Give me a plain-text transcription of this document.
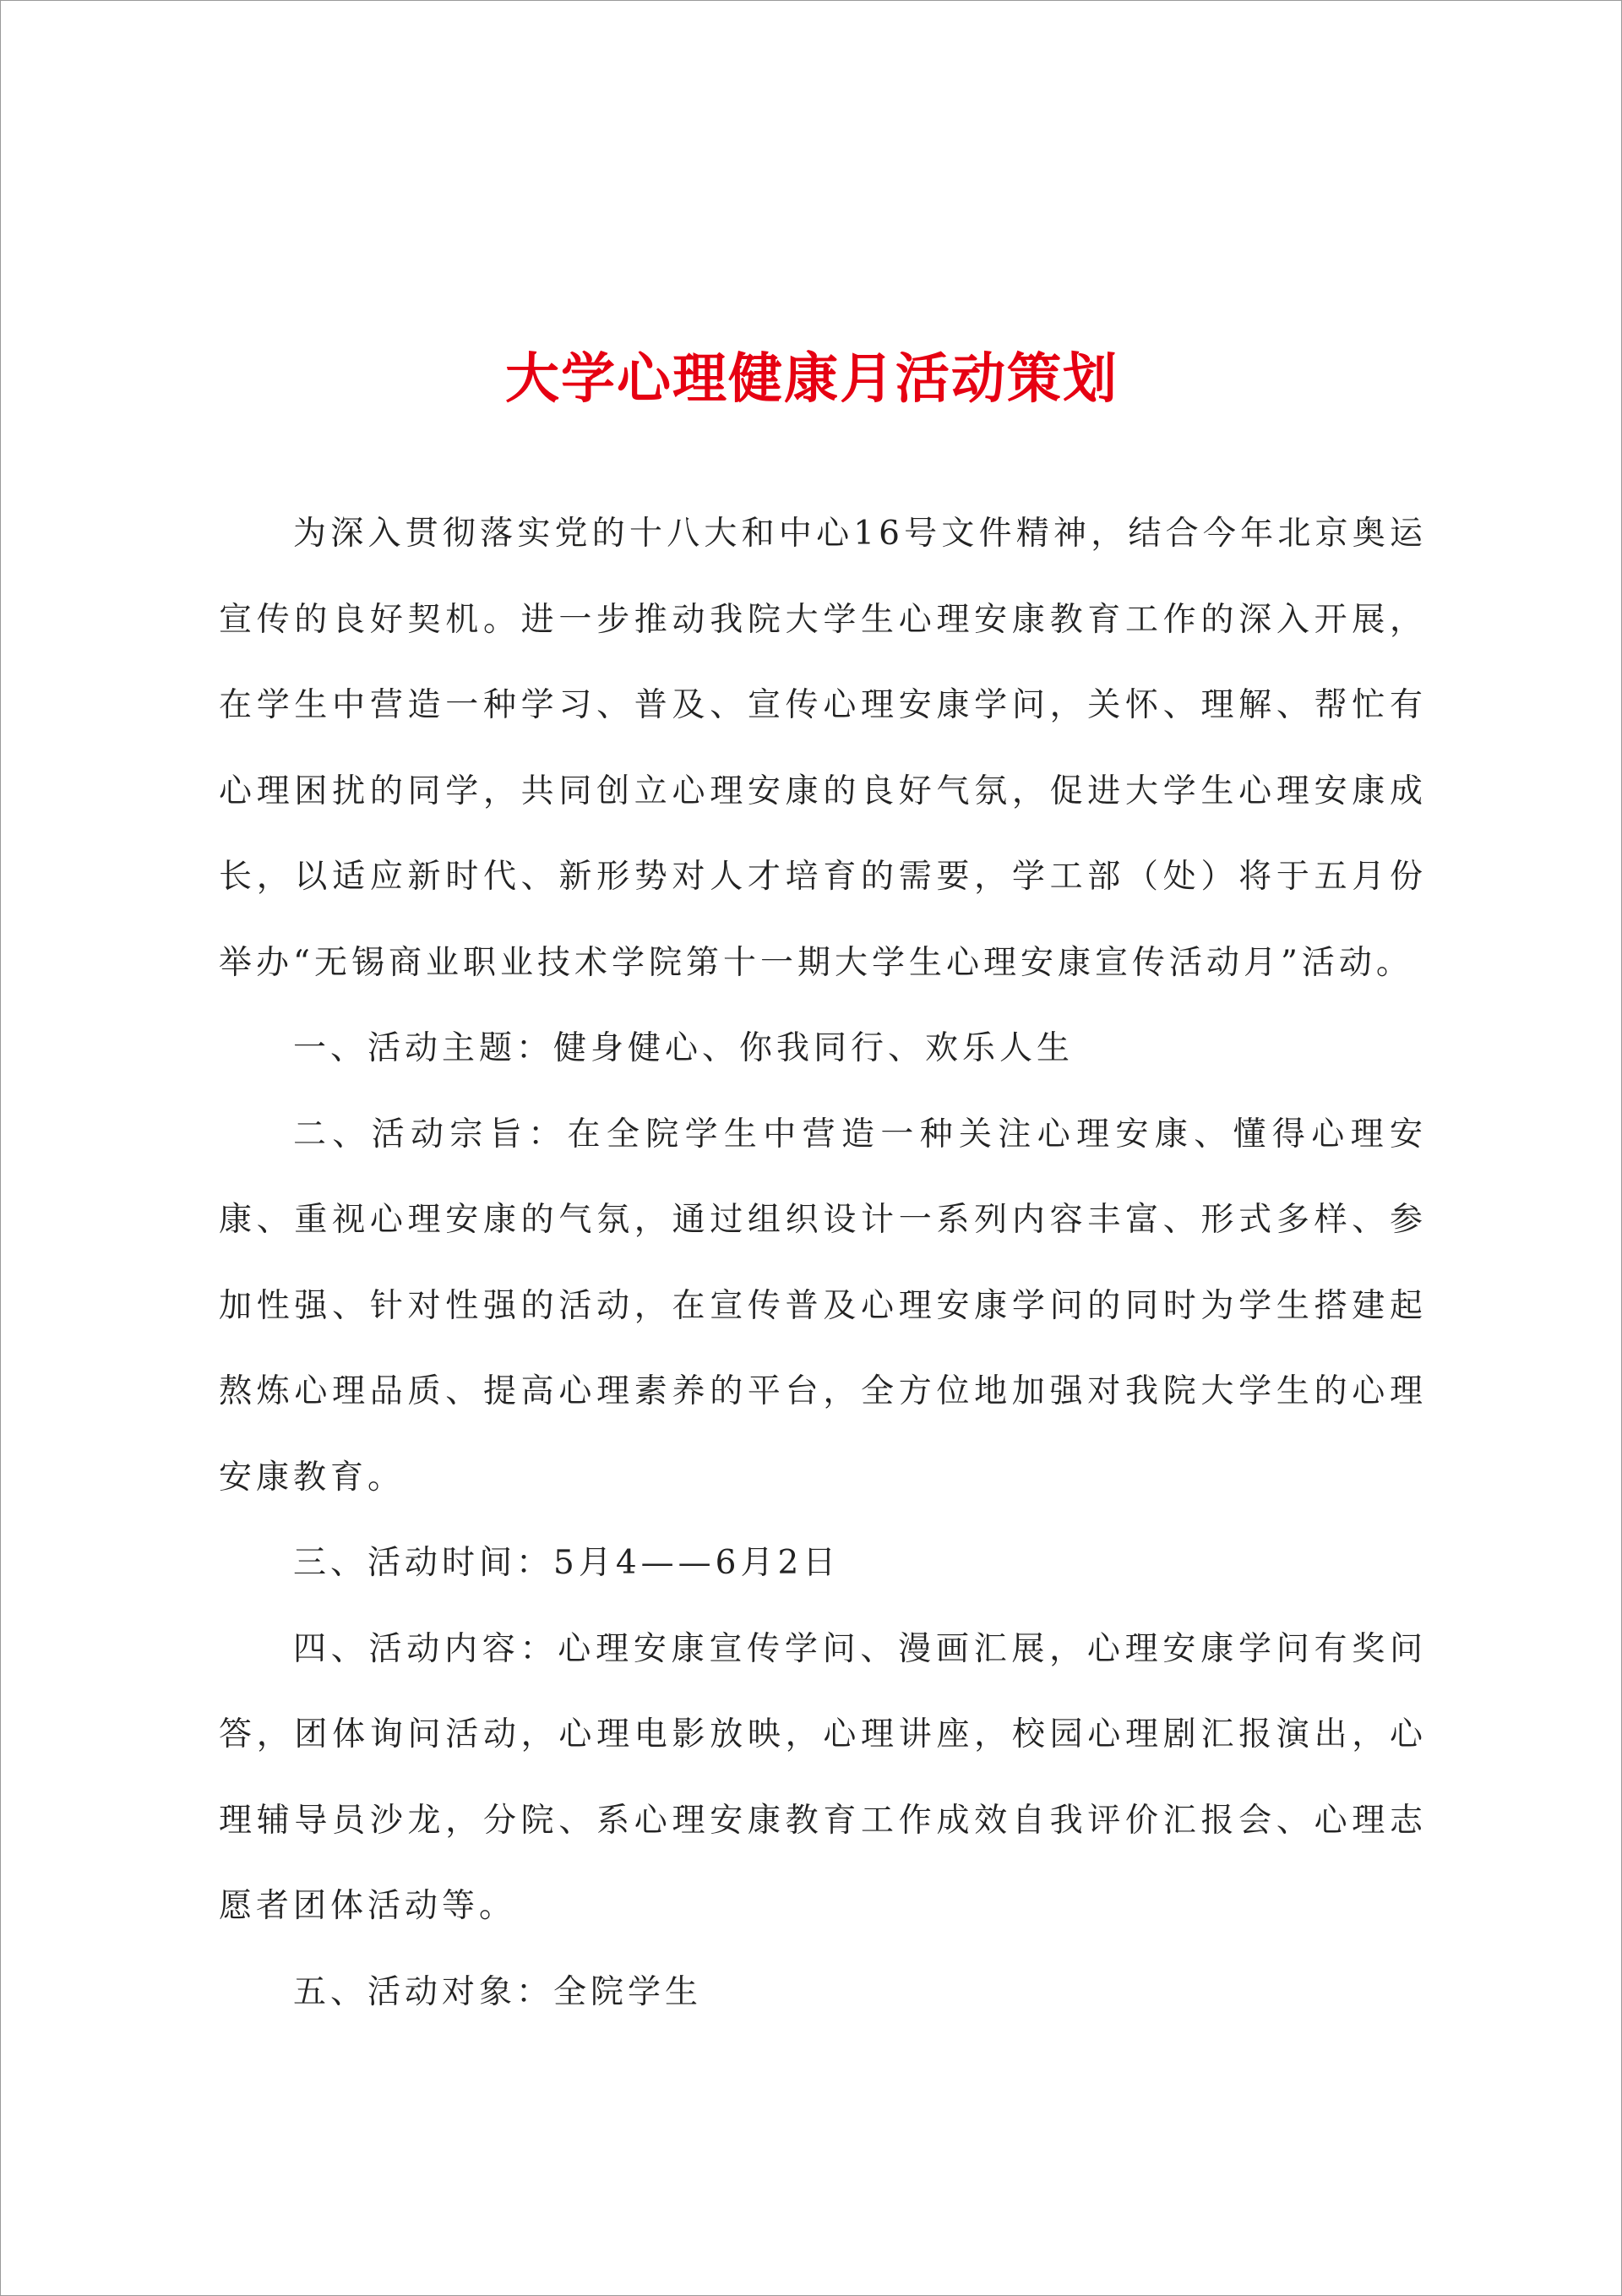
大学心理健康月活动策划

为深入贯彻落实党的十八大和中心16号文件精神，结合今年北京奥运宣传的良好契机。进一步推动我院大学生心理安康教育工作的深入开展，在学生中营造一种学习、普及、宣传心理安康学问，关怀、理解、帮忙有心理困扰的同学，共同创立心理安康的良好气氛，促进大学生心理安康成长，以适应新时代、新形势对人才培育的需要，学工部（处）将于五月份举办“无锡商业职业技术学院第十一期大学生心理安康宣传活动月”活动。

一、活动主题：健身健心、你我同行、欢乐人生

二、活动宗旨：在全院学生中营造一种关注心理安康、懂得心理安康、重视心理安康的气氛，通过组织设计一系列内容丰富、形式多样、参加性强、针对性强的活动，在宣传普及心理安康学问的同时为学生搭建起熬炼心理品质、提高心理素养的平台，全方位地加强对我院大学生的心理安康教育。

三、活动时间：5月4——6月2日

四、活动内容：心理安康宣传学问、漫画汇展，心理安康学问有奖问答，团体询问活动，心理电影放映，心理讲座，校园心理剧汇报演出，心理辅导员沙龙，分院、系心理安康教育工作成效自我评价汇报会、心理志愿者团体活动等。

五、活动对象：全院学生
